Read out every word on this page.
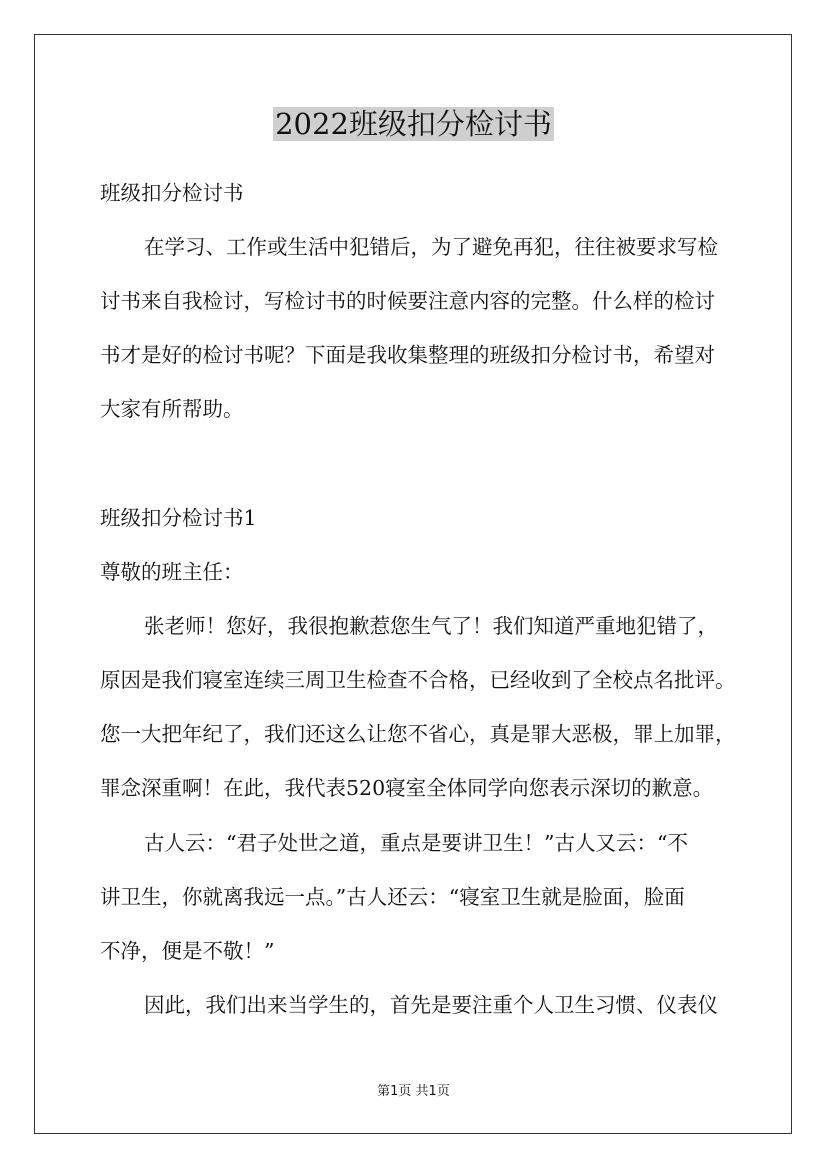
2022班级扣分检讨书
班级扣分检讨书
在学习、工作或生活中犯错后，为了避免再犯，往往被要求写检
讨书来自我检讨，写检讨书的时候要注意内容的完整。什么样的检讨
书才是好的检讨书呢？下面是我收集整理的班级扣分检讨书，希望对
大家有所帮助。
班级扣分检讨书1
尊敬的班主任：
张老师！您好，我很抱歉惹您生气了！我们知道严重地犯错了，
原因是我们寝室连续三周卫生检查不合格，已经收到了全校点名批评。
您一大把年纪了，我们还这么让您不省心，真是罪大恶极，罪上加罪，
罪念深重啊！在此，我代表520寝室全体同学向您表示深切的歉意。
古人云：“君子处世之道，重点是要讲卫生！”古人又云：“不
讲卫生，你就离我远一点。”古人还云：“寝室卫生就是脸面，脸面
不净，便是不敬！”
因此，我们出来当学生的，首先是要注重个人卫生习惯、仪表仪
第1页 共1页
